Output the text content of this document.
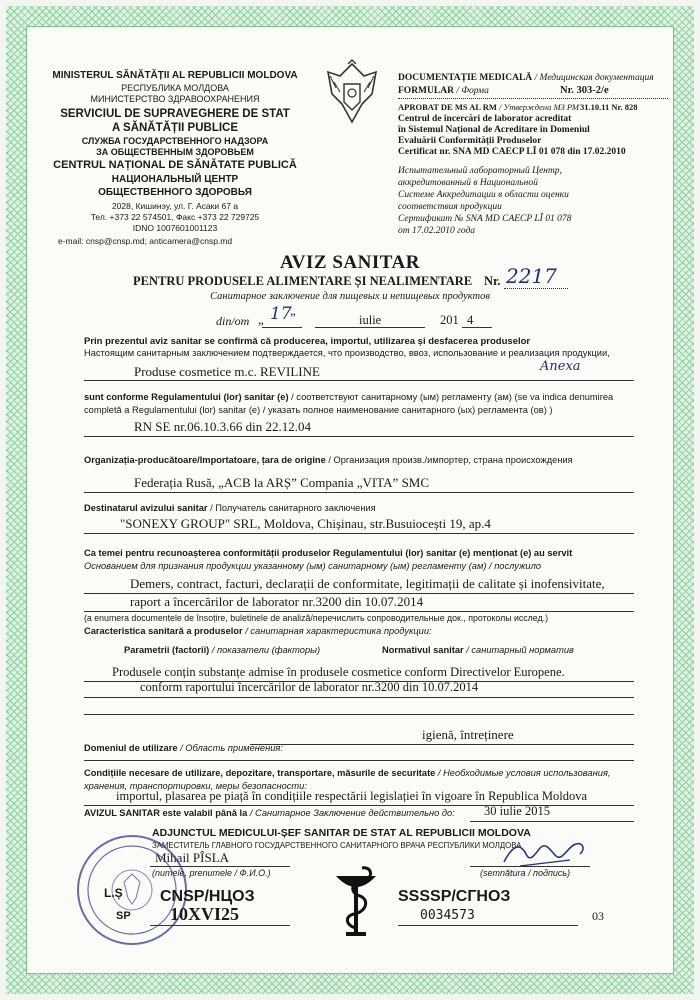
MINISTERUL SĂNĂTĂȚII AL REPUBLICII MOLDOVA
РЕСПУБЛИКА МОЛДОВА
МИНИСТЕРСТВО ЗДРАВООХРАНЕНИЯ
SERVICIUL DE SUPRAVEGHERE DE STAT
A SĂNĂTĂȚII PUBLICE
СЛУЖБА ГОСУДАРСТВЕННОГО НАДЗОРА
ЗА ОБЩЕСТВЕННЫМ ЗДОРОВЬЕМ
CENTRUL NAȚIONAL DE SĂNĂTATE PUBLICĂ
НАЦИОНАЛЬНЫЙ ЦЕНТР
ОБЩЕСТВЕННОГО ЗДОРОВЬЯ
2028, Кишинэу, ул. Г. Асаки 67 а
Тел. +373 22 574501, Факс +373 22 729725
IDNO 1007601001123
e-mail: cnsp@cnsp.md; anticamera@cnsp.md
DOCUMENTAȚIE MEDICALĂ / Медицинская документация
FORMULAR / Форма	Nr. 303-2/e
APROBAT DE MS AL RM / Утверждена МЗ РМ 31.10.11 Nr. 828
Centrul de încercări de laborator acreditat
în Sistemul Național de Acreditare în Domeniul
Evaluării Conformității Produselor
Certificat nr. SNA MD CAECP LÎ 01 078 din 17.02.2010
Испытательный лабораторный Центр,
аккредитованный в Национальной
Системе Аккредитации в области оценки
соответствия продукции
Сертификат № SNA MD CAECP LÎ 01 078
от 17.02.2010 года
AVIZ SANITAR
PENTRU PRODUSELE ALIMENTARE ȘI NEALIMENTARE Nr. 2217
Санитарное заключение для пищевых и непищевых продуктов
din/от „ 17
”	iulie	201 4
Prin prezentul aviz sanitar se confirmă că producerea, importul, utilizarea și desfacerea produselor
Настоящим санитарным заключением подтверждается, что производство, ввоз, использование и реализация продукции,
Produse cosmetice m.c. REVILINE	Anexa
sunt conforme Regulamentului (lor) sanitar (e) / соответствуют санитарному (ым) регламенту (ам) (se va indica denumirea
completă a Regulamentului (lor) sanitar (e) / указать полное наименование санитарного (ых) регламента (ов) )
RN SE nr.06.10.3.66 din 22.12.04
Organizația-producătoare/Importatoare, țara de origine / Организация произв./импортер, страна происхождения
Federația Rusă, „ACB la ARȘ” Compania „VITA” SMC
Destinatarul avizului sanitar / Получатель санитарного заключения
"SONEXY GROUP" SRL, Moldova, Chișinau, str.Busuiocești 19, ap.4
Ca temei pentru recunoașterea conformității produselor Regulamentului (lor) sanitar (e) menționat (e) au servit
Основанием для признания продукции указанному (ым) санитарному (ым) регламенту (ам) / послужило
Demers, contract, facturi, declarații de conformitate, legitimații de calitate și inofensivitate,
raport a încercărilor de laborator nr.3200 din 10.07.2014
(a enumera documentele de însoțire, buletinele de analiză/перечислить сопроводительные док., протоколы исслед.)
Caracteristica sanitară a produselor / санитарная характеристика продукции:
Parametrii (factorii) / показатели (факторы)	Normativul sanitar / санитарный норматив
Produsele conțin substanțe admise în produsele cosmetice conform Directivelor Europene.
conform raportului încercărilor de laborator nr.3200 din 10.07.2014
Domeniul de utilizare / Область применения:
igienă, întreținere
Condițiile necesare de utilizare, depozitare, transportare, măsurile de securitate / Необходимые условия использования,
хранения, транспортировки, меры безопасности:
importul, plasarea pe piață în condițiile respectării legislației în vigoare în Republica Moldova
AVIZUL SANITAR este valabil până la / Санитарное Заключение действительно до: 30 iulie 2015
ADJUNCTUL MEDICULUI-ȘEF SANITAR DE STAT AL REPUBLICII MOLDOVA
ЗАМЕСТИТЕЛЬ ГЛАВНОГО ГОСУДАРСТВЕННОГО САНИТАРНОГО ВРАЧА РЕСПУБЛИКИ МОЛДОВА
Mihail PÎSLA
(numele, prenumele / Ф.И.О.)	(semnătura / подпись)
L.Ș CNSP/НЦОЗ
SP 10XVI25
SSSSP/СГНОЗ
0034573	03
